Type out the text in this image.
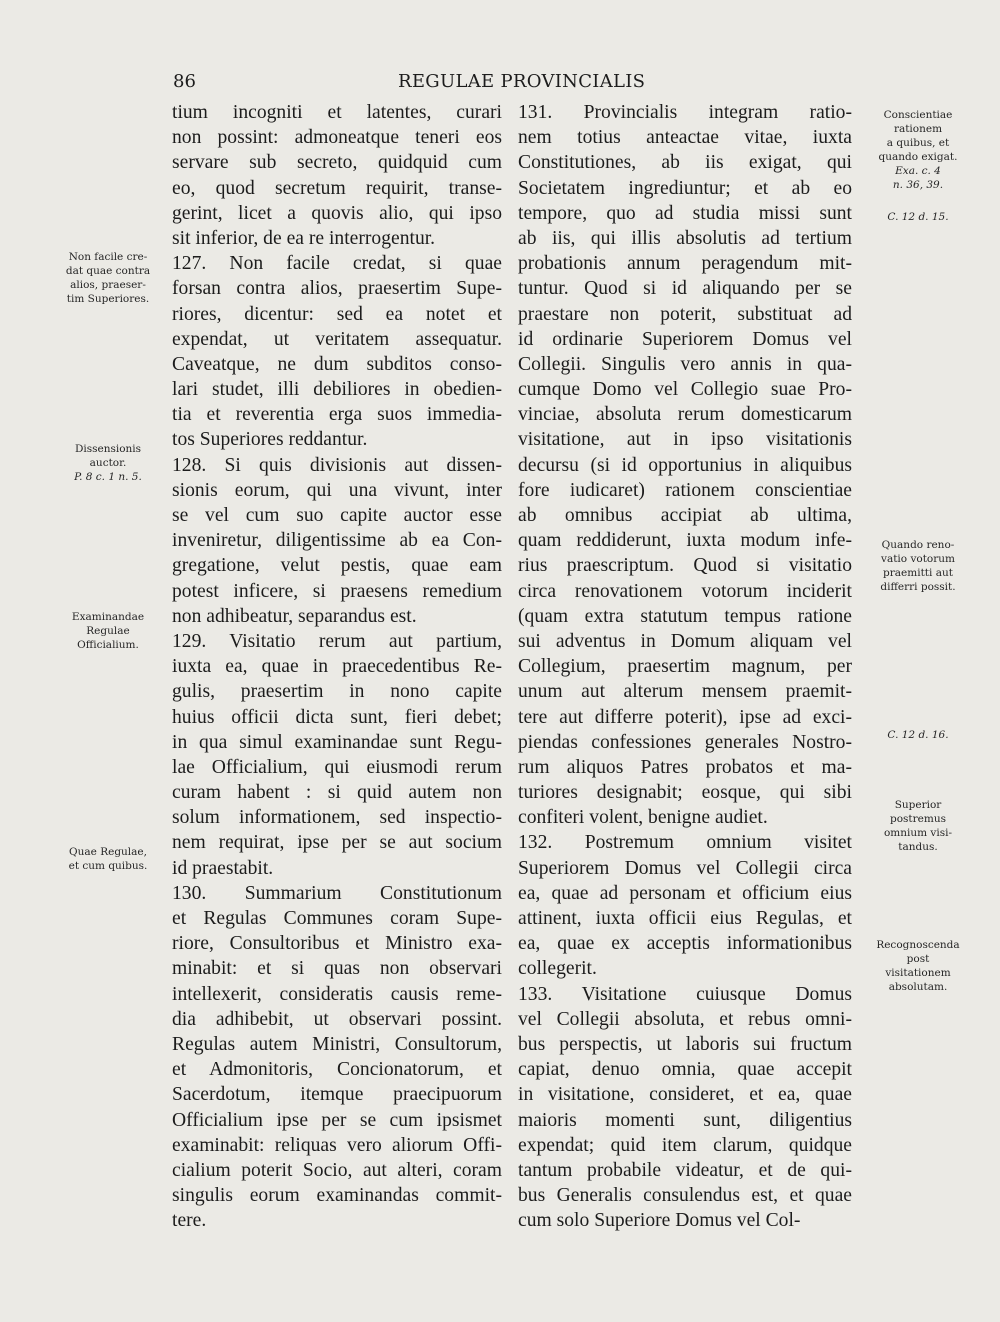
86	REGULAE PROVINCIALIS
tium incogniti et latentes, curari
non possint: admoneatque teneri eos
servare sub secreto, quidquid cum
eo, quod secretum requirit, transe-
gerint, licet a quovis alio, qui ipso
sit inferior, de ea re interrogentur.
127. Non facile credat, si quae
forsan contra alios, praesertim Supe-
riores, dicentur: sed ea notet et
expendat, ut veritatem assequatur.
Caveatque, ne dum subditos conso-
lari studet, illi debiliores in obedien-
tia et reverentia erga suos immedia-
tos Superiores reddantur.
128. Si quis divisionis aut dissen-
sionis eorum, qui una vivunt, inter
se vel cum suo capite auctor esse
inveniretur, diligentissime ab ea Con-
gregatione, velut pestis, quae eam
potest inficere, si praesens remedium
non adhibeatur, separandus est.
129. Visitatio rerum aut partium,
iuxta ea, quae in praecedentibus Re-
gulis, praesertim in nono capite
huius officii dicta sunt, fieri debet;
in qua simul examinandae sunt Regu-
lae Officialium, qui eiusmodi rerum
curam habent : si quid autem non
solum informationem, sed inspectio-
nem requirat, ipse per se aut socium
id praestabit.
130. Summarium Constitutionum
et Regulas Communes coram Supe-
riore, Consultoribus et Ministro exa-
minabit: et si quas non observari
intellexerit, consideratis causis reme-
dia adhibebit, ut observari possint.
Regulas autem Ministri, Consultorum,
et Admonitoris, Concionatorum, et
Sacerdotum, itemque praecipuorum
Officialium ipse per se cum ipsismet
examinabit: reliquas vero aliorum Offi-
cialium poterit Socio, aut alteri, coram
singulis eorum examinandas commit-
tere.
131. Provincialis integram ratio-
nem totius anteactae vitae, iuxta
Constitutiones, ab iis exigat, qui
Societatem ingrediuntur; et ab eo
tempore, quo ad studia missi sunt
ab iis, qui illis absolutis ad tertium
probationis annum peragendum mit-
tuntur. Quod si id aliquando per se
praestare non poterit, substituat ad
id ordinarie Superiorem Domus vel
Collegii. Singulis vero annis in qua-
cumque Domo vel Collegio suae Pro-
vinciae, absoluta rerum domesticarum
visitatione, aut in ipso visitationis
decursu (si id opportunius in aliquibus
fore iudicaret) rationem conscientiae
ab omnibus accipiat ab ultima,
quam reddiderunt, iuxta modum infe-
rius praescriptum. Quod si visitatio
circa renovationem votorum inciderit
(quam extra statutum tempus ratione
sui adventus in Domum aliquam vel
Collegium, praesertim magnum, per
unum aut alterum mensem praemit-
tere aut differre poterit), ipse ad exci-
piendas confessiones generales Nostro-
rum aliquos Patres probatos et ma-
turiores designabit; eosque, qui sibi
confiteri volent, benigne audiet.
132. Postremum omnium visitet
Superiorem Domus vel Collegii circa
ea, quae ad personam et officium eius
attinent, iuxta officii eius Regulas, et
ea, quae ex acceptis informationibus
collegerit.
133. Visitatione cuiusque Domus
vel Collegii absoluta, et rebus omni-
bus perspectis, ut laboris sui fructum
capiat, denuo omnia, quae accepit
in visitatione, consideret, et ea, quae
maioris momenti sunt, diligentius
expendat; quid item clarum, quidque
tantum probabile videatur, et de qui-
bus Generalis consulendus est, et quae
cum solo Superiore Domus vel Col-
Non facile cre-
dat quae contra
alios, praeser-
tim Superiores.
Dissensionis
auctor.
P. 8 c. 1 n. 5.
Examinandae
Regulae
Officialium.
Quae Regulae,
et cum quibus.
Conscientiae
rationem
a quibus, et
quando exigat.
Exa. c. 4
n. 36, 39.
C. 12 d. 15.
Quando reno-
vatio votorum
praemitti aut
differri possit.
C. 12 d. 16.
Superior
postremus
omnium visi-
tandus.
Recognoscenda
post
visitationem
absolutam.
